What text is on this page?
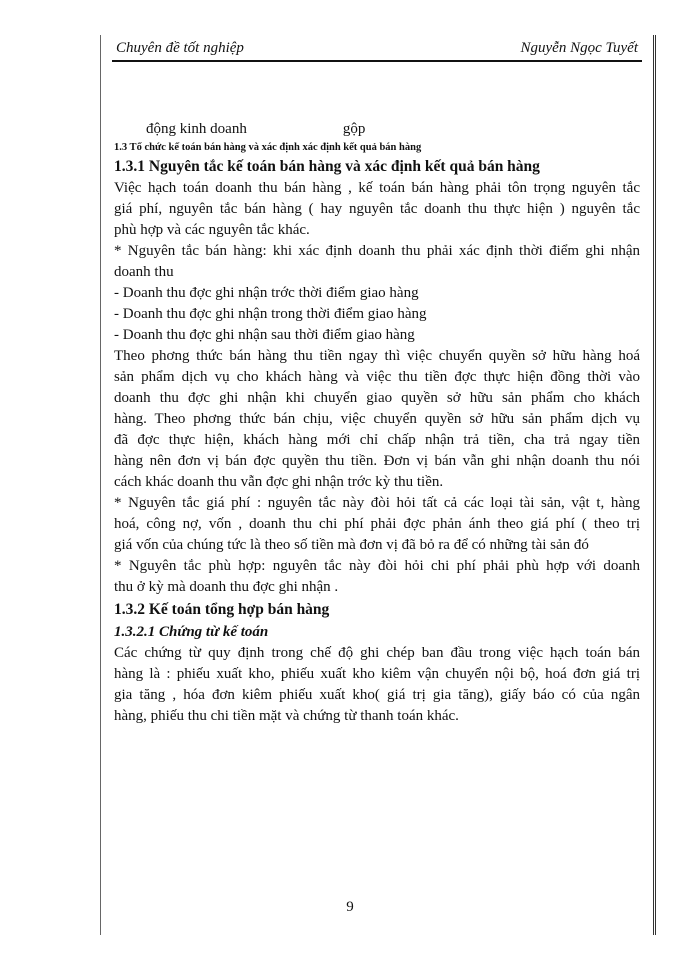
Chuyên đề tốt nghiệp	Nguyễn Ngọc Tuyết
động kinh doanh	gộp
1.3 Tổ chức kế toán bán hàng và xác định xác định kết quả bán hàng
1.3.1 Nguyên tắc kế toán bán hàng và xác định kết quả bán hàng
Việc hạch toán doanh thu bán hàng , kế toán bán hàng phải tôn trọng nguyên tắc
giá phí, nguyên tắc bán hàng ( hay nguyên tắc doanh thu thực hiện ) nguyên tắc
phù hợp và các nguyên tắc khác.
* Nguyên tắc bán hàng: khi xác định doanh thu phải xác định thời điểm ghi nhận
doanh thu
- Doanh thu đợc ghi nhận trớc thời điểm giao hàng
- Doanh thu đợc ghi nhận trong thời điểm giao hàng
- Doanh thu đợc ghi nhận sau thời điểm giao hàng
Theo phơng thức bán hàng thu tiền ngay thì việc chuyển quyền sở hữu hàng hoá
sản phẩm dịch vụ cho khách hàng và việc thu tiền đợc thực hiện đồng thời vào
doanh thu đợc ghi nhận khi chuyển giao quyền sở hữu sản phẩm cho khách
hàng. Theo phơng thức bán chịu, việc chuyển quyền sở hữu sản phẩm dịch vụ
đã đợc thực hiện, khách hàng mới chỉ chấp nhận trả tiền, cha trả ngay tiền
hàng nên đơn vị bán đợc quyền thu tiền. Đơn vị bán vẫn ghi nhận doanh thu nói
cách khác doanh thu vẫn đợc ghi nhận trớc kỳ thu tiền.
* Nguyên tắc giá phí : nguyên tắc này đòi hỏi tất cả các loại tài sản, vật t, hàng
hoá, công nợ, vốn , doanh thu chi phí phải đợc phản ánh theo giá phí ( theo trị
giá vốn của chúng tức là theo số tiền mà đơn vị đã bỏ ra để có những tài sản đó
* Nguyên tắc phù hợp: nguyên tắc này đòi hỏi chi phí phải phù hợp với doanh
thu ở kỳ mà doanh thu đợc ghi nhận .
1.3.2 Kế toán tổng hợp bán hàng
1.3.2.1 Chứng từ kế toán
Các chứng từ quy định trong chế độ ghi chép ban đầu trong việc hạch toán bán
hàng là : phiếu xuất kho, phiếu xuất kho kiêm vận chuyển nội bộ, hoá đơn giá trị
gia tăng , hóa đơn kiêm phiếu xuất kho( giá trị gia tăng), giấy báo có của ngân
hàng, phiếu thu chi tiền mặt và chứng từ thanh toán khác.
9
